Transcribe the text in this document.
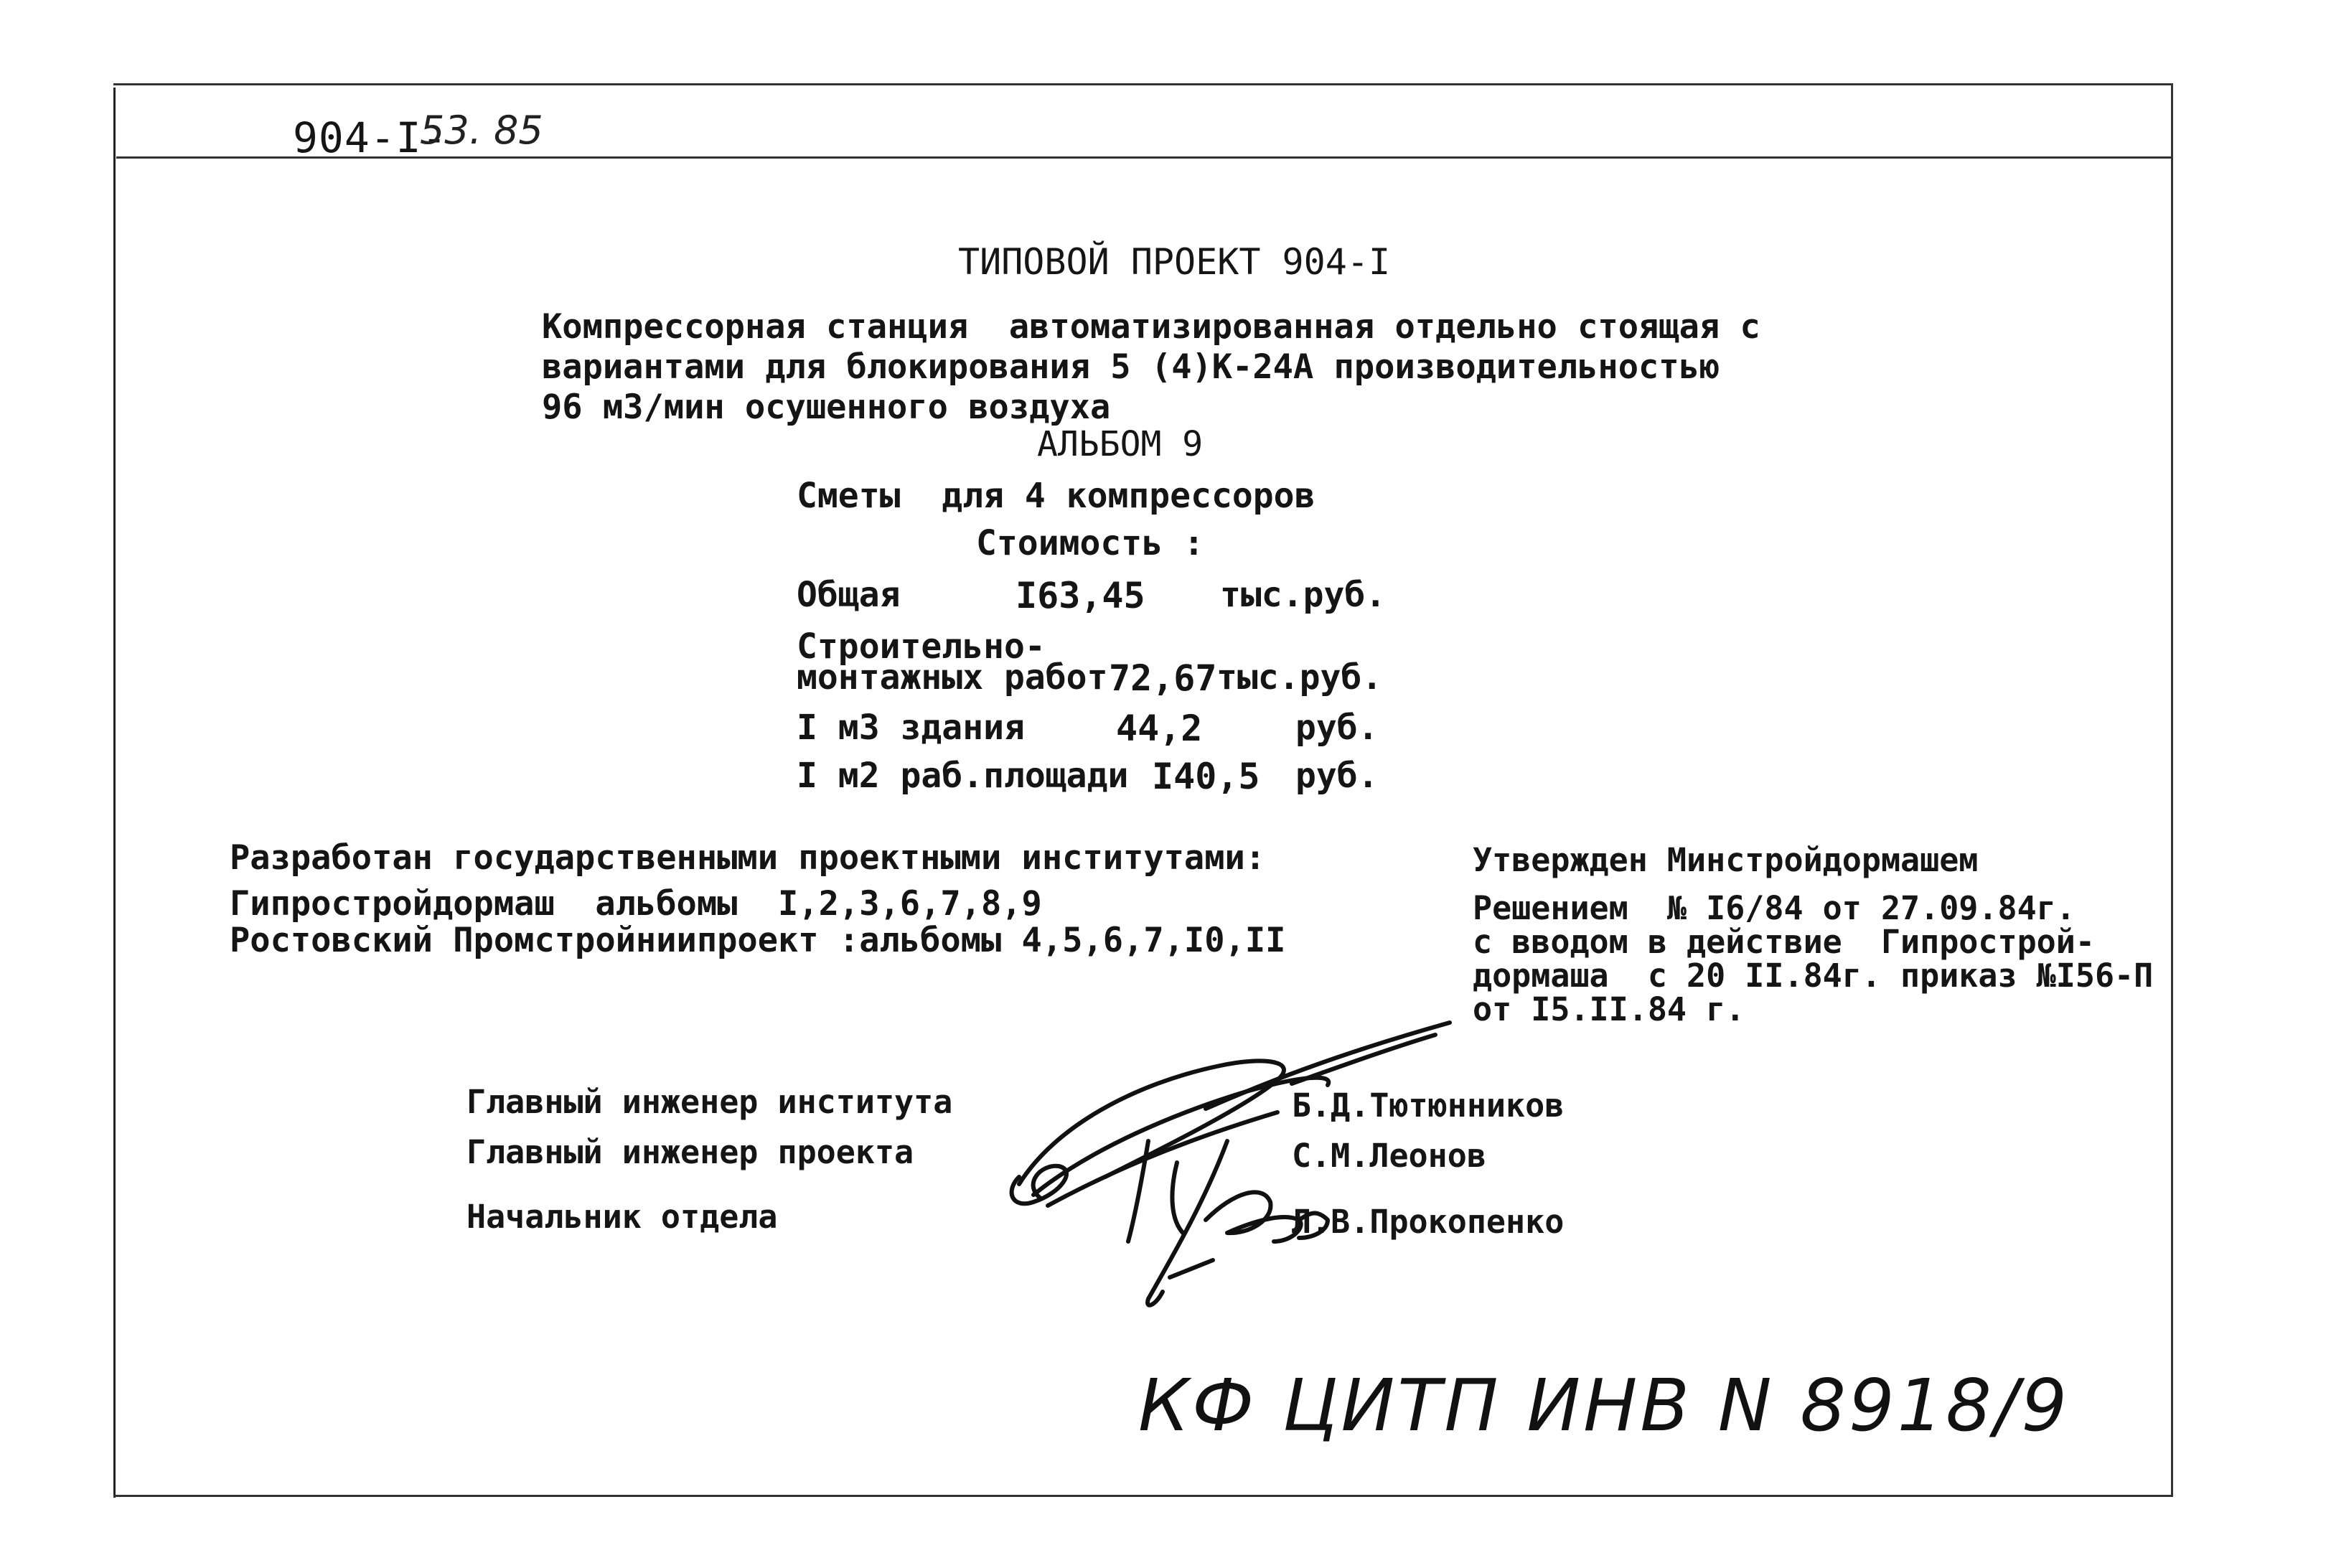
904-I-
53. 85
ТИПОВОЙ ПРОЕКТ 904-I
Компрессорная станция  автоматизированная отдельно стоящая с
вариантами для блокирования 5 (4)К-24А производительностью
96 м3/мин осушенного воздуха
АЛЬБОМ 9
Сметы  для 4 компрессоров
Стоимость :
Общая	I63,45 тыс.руб.
Строительно-
монтажных работ 72,67 тыс.руб.
I м3 здания	44,2	руб.
I м2 раб.площади I40,5 руб.
Разработан государственными проектными институтами:
Гипростройдормаш  альбомы  I,2,3,6,7,8,9
Ростовский Промстройниипроект :альбомы 4,5,6,7,I0,II
Утвержден Минстройдормашем
Решением  № I6/84 от 27.09.84г.
с вводом в действие  Гипрострой-
дормаша  с 20 II.84г. приказ №I56-П
от I5.II.84 г.
Главный инженер института	Б.Д.Тютюнников
Главный инженер проекта	С.М.Леонов
Начальник отдела	Л.В.Прокопенко
КФ ЦИТП ИНВ N 8918/9
